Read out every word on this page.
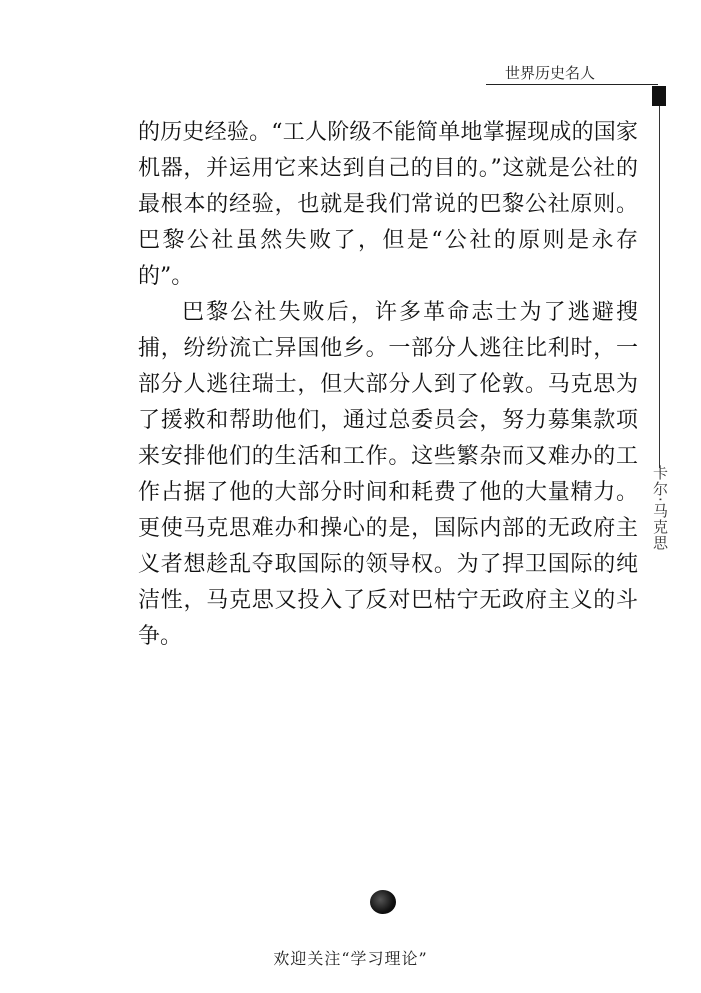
世界历史名人
卡尔·马克思

的历史经验。“工人阶级不能简单地掌握现成的国家机器，并运用它来达到自己的目的。”这就是公社的最根本的经验，也就是我们常说的巴黎公社原则。巴黎公社虽然失败了，但是“公社的原则是永存的”。

巴黎公社失败后，许多革命志士为了逃避搜捕，纷纷流亡异国他乡。一部分人逃往比利时，一部分人逃往瑞士，但大部分人到了伦敦。马克思为了援救和帮助他们，通过总委员会，努力募集款项来安排他们的生活和工作。这些繁杂而又难办的工作占据了他的大部分时间和耗费了他的大量精力。更使马克思难办和操心的是，国际内部的无政府主义者想趁乱夺取国际的领导权。为了捍卫国际的纯洁性，马克思又投入了反对巴枯宁无政府主义的斗争。

欢迎关注“学习理论”
